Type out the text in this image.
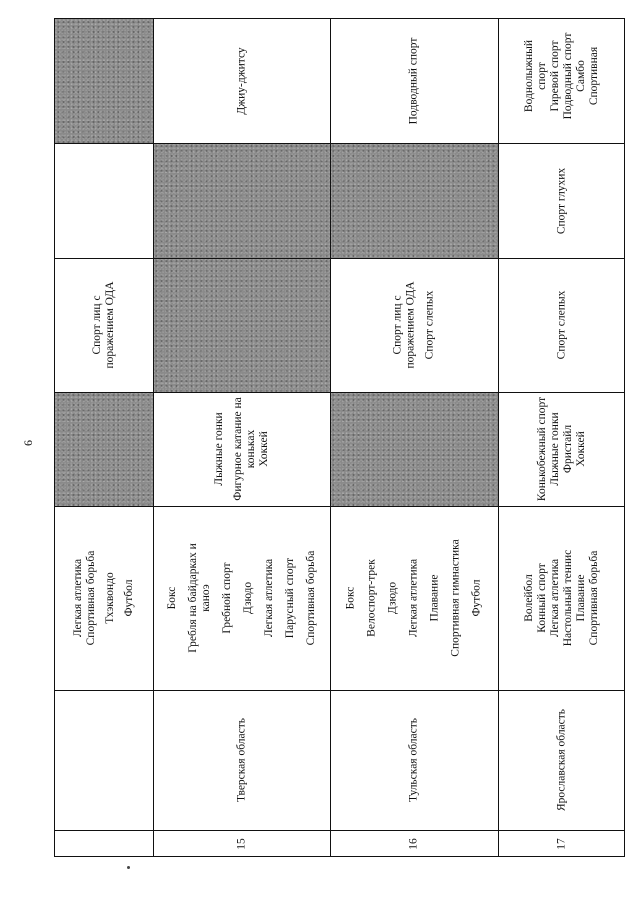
6
Легкая атлетика Спортивная борьба Тхэквондо Футбол
Спорт лиц с поражением ОДА
15
Тверская область
Бокс Гребля на байдарках и каноэ Гребной спорт Дзюдо Легкая атлетика Парусный спорт Спортивная борьба
Лыжные гонки Фигурное катание на коньках Хоккей
Джиу-джитсу
16
Тульская область
Бокс Велоспорт-трек Дзюдо Легкая атлетика Плавание Спортивная гимнастика Футбол
Спорт лиц с поражением ОДА Спорт слепых
Подводный спорт
17
Ярославская область
Волейбол Конный спорт Легкая атлетика Настольный теннис Плавание Спортивная борьба
Конькобежный спорт Лыжные гонки Фристайл Хоккей
Спорт слепых
Спорт глухих
Воднолыжный спорт Гиревой спорт Подводный спорт Самбо Спортивная
